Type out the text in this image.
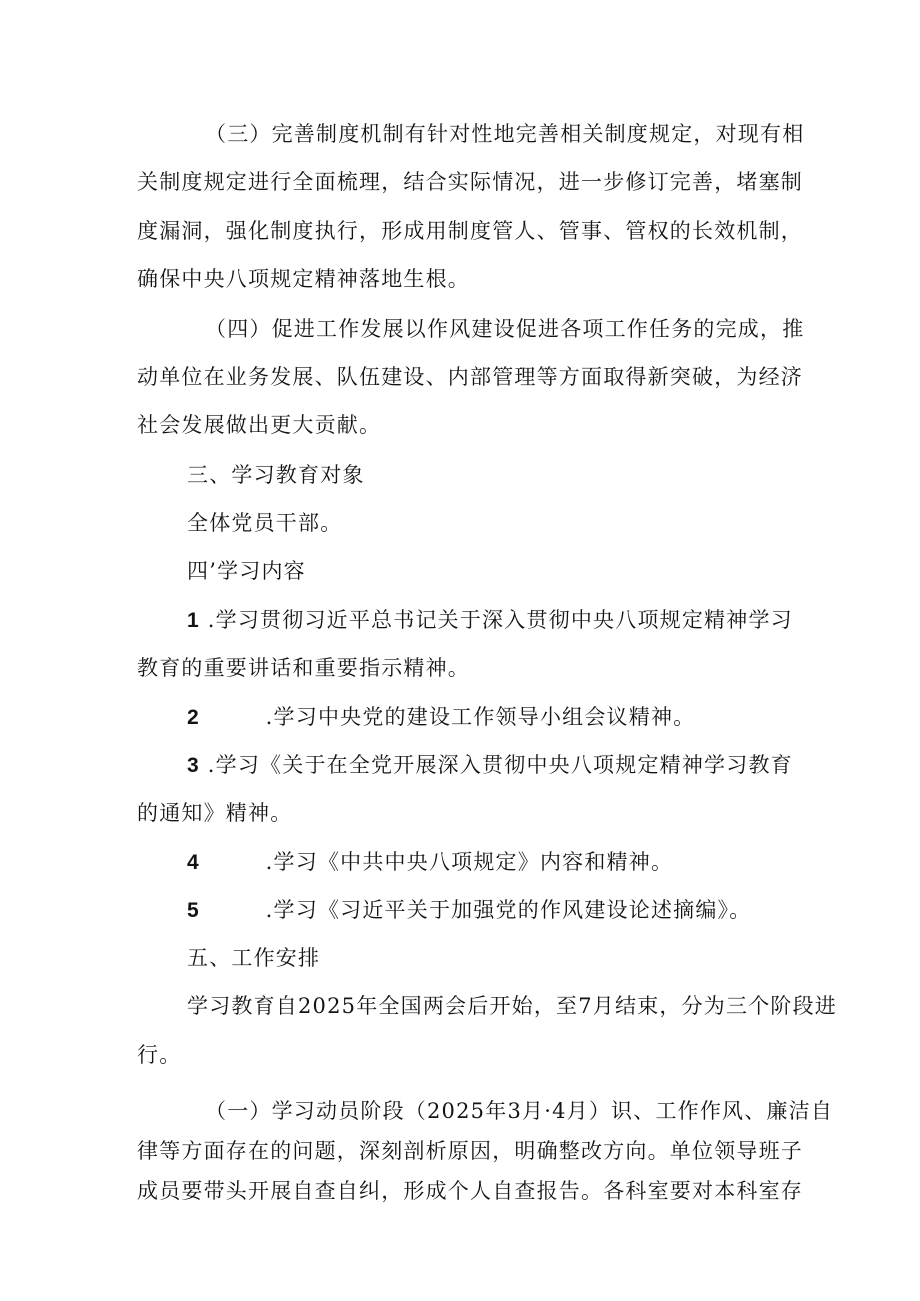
（三）完善制度机制有针对性地完善相关制度规定，对现有相

关制度规定进行全面梳理，结合实际情况，进一步修订完善，堵塞制

度漏洞，强化制度执行，形成用制度管人、管事、管权的长效机制，

确保中央八项规定精神落地生根。

（四）促进工作发展以作风建设促进各项工作任务的完成，推

动单位在业务发展、队伍建设、内部管理等方面取得新突破，为经济

社会发展做出更大贡献。

三、学习教育对象

全体党员干部。

四’学习内容

1 .学习贯彻习近平总书记关于深入贯彻中央八项规定精神学习

教育的重要讲话和重要指示精神。

2	.学习中央党的建设工作领导小组会议精神。

3 .学习《关于在全党开展深入贯彻中央八项规定精神学习教育

的通知》精神。

4	.学习《中共中央八项规定》内容和精神。

5	.学习《习近平关于加强党的作风建设论述摘编》。

五、工作安排

学习教育自2025年全国两会后开始，至7月结束，分为三个阶段进

行。

（一）学习动员阶段（2025年3月·4月）识、工作作风、廉洁自

律等方面存在的问题，深刻剖析原因，明确整改方向。单位领导班子

成员要带头开展自查自纠，形成个人自查报告。各科室要对本科室存
